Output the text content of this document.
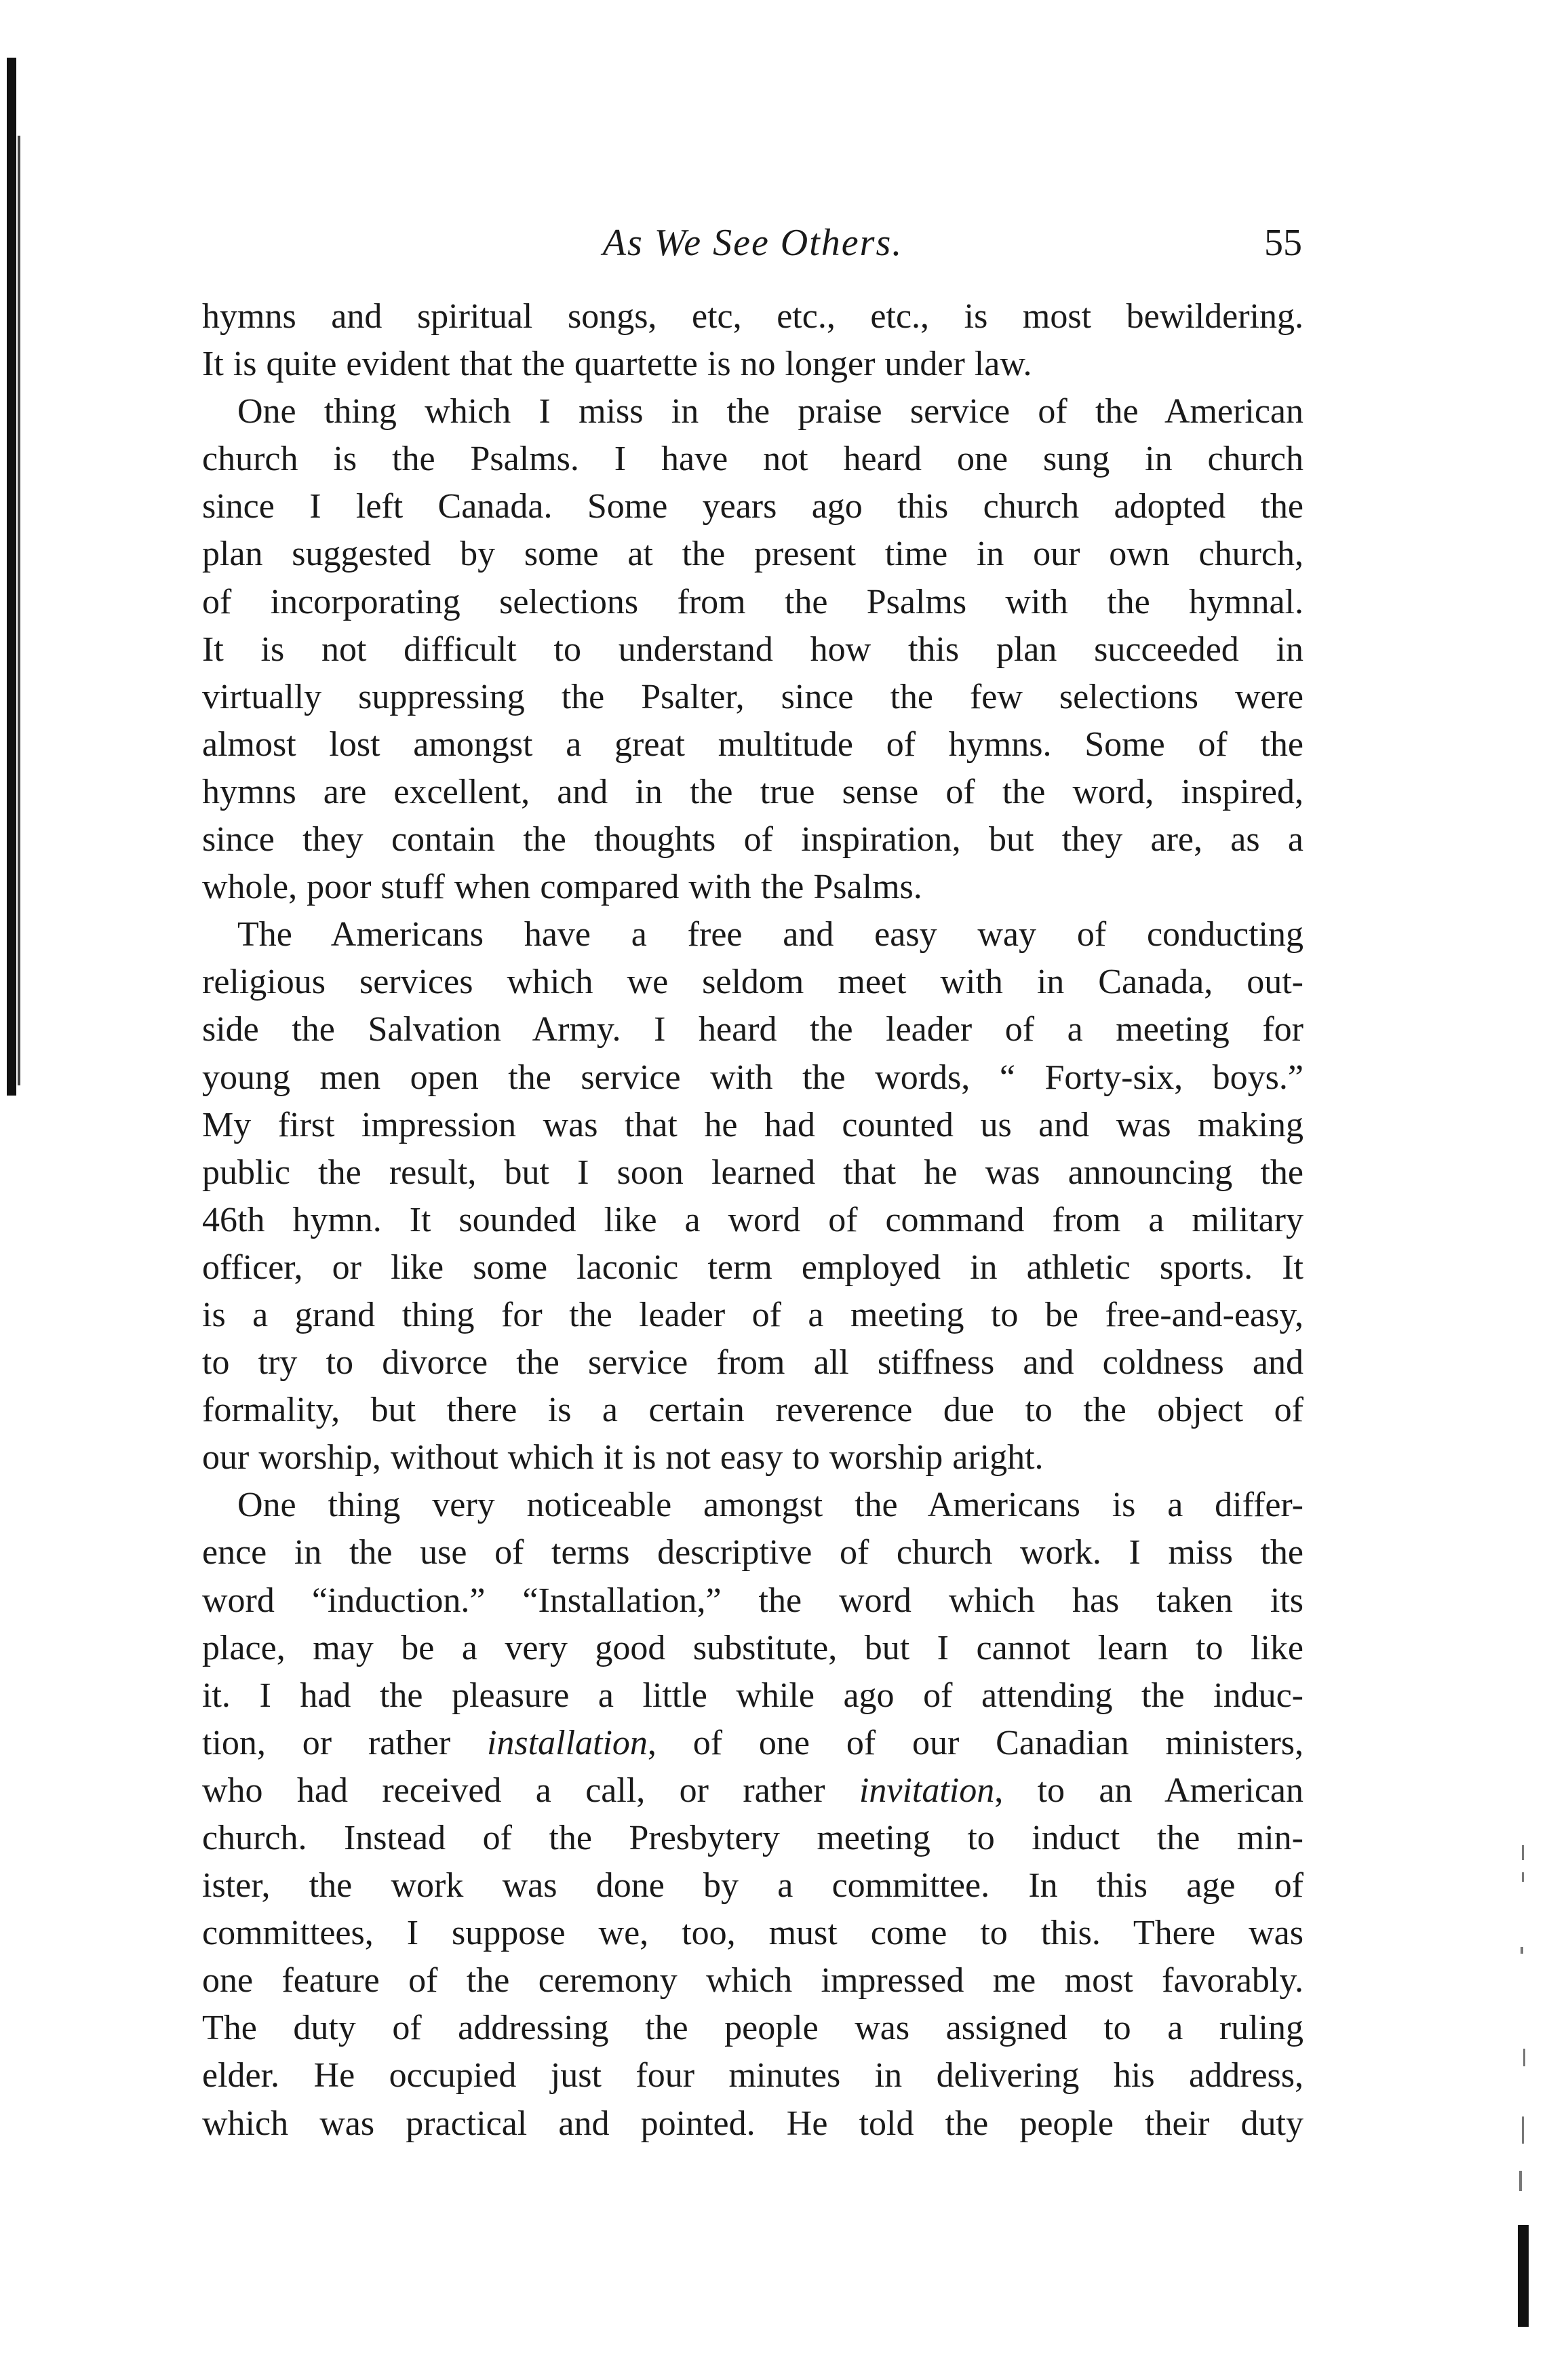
As We See Others.	55
hymns and spiritual songs, etc, etc., etc., is most bewildering.
It is quite evident that the quartette is no longer under law.
One thing which I miss in the praise service of the American
church is the Psalms. I have not heard one sung in church
since I left Canada. Some years ago this church adopted the
plan suggested by some at the present time in our own church,
of incorporating selections from the Psalms with the hymnal.
It is not difficult to understand how this plan succeeded in
virtually suppressing the Psalter, since the few selections were
almost lost amongst a great multitude of hymns. Some of the
hymns are excellent, and in the true sense of the word, inspired,
since they contain the thoughts of inspiration, but they are, as a
whole, poor stuff when compared with the Psalms.
The Americans have a free and easy way of conducting
religious services which we seldom meet with in Canada, out-
side the Salvation Army. I heard the leader of a meeting for
young men open the service with the words, “ Forty-six, boys.”
My first impression was that he had counted us and was making
public the result, but I soon learned that he was announcing the
46th hymn. It sounded like a word of command from a military
officer, or like some laconic term employed in athletic sports. It
is a grand thing for the leader of a meeting to be free-and-easy,
to try to divorce the service from all stiffness and coldness and
formality, but there is a certain reverence due to the object of
our worship, without which it is not easy to worship aright.
One thing very noticeable amongst the Americans is a differ-
ence in the use of terms descriptive of church work. I miss the
word “induction.” “Installation,” the word which has taken its
place, may be a very good substitute, but I cannot learn to like
it. I had the pleasure a little while ago of attending the induc-
tion, or rather installation, of one of our Canadian ministers,
who had received a call, or rather invitation, to an American
church. Instead of the Presbytery meeting to induct the min-
ister, the work was done by a committee. In this age of
committees, I suppose we, too, must come to this. There was
one feature of the ceremony which impressed me most favorably.
The duty of addressing the people was assigned to a ruling
elder. He occupied just four minutes in delivering his address,
which was practical and pointed. He told the people their duty
